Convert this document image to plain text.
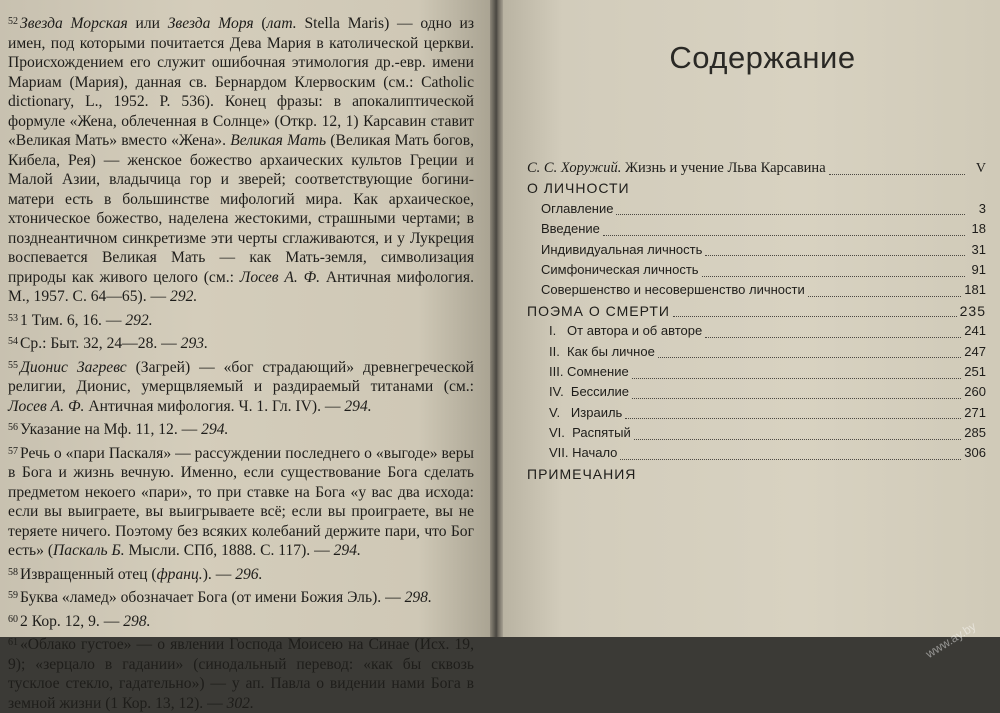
$^{52}$ Звезда Морская или Звезда Моря (лат. Stella Maris) — одно из имен, под которыми почитается Дева Мария в католической церкви. Происхождением его служит ошибочная этимология др.-евр. имени Мариам (Мария), данная св. Бернардом Клервоским (см.: Catholic dictionary, L., 1952. P. 536). Конец фразы: в апокалиптической формуле «Жена, облеченная в Солнце» (Откр. 12, 1) Карсавин ставит «Великая Мать» вместо «Жена». Великая Мать (Великая Мать богов, Кибела, Рея) — женское божество архаических культов Греции и Малой Азии, владычица гор и зверей; соответствующие богини-матери есть в большинстве мифологий мира. Как архаическое, хтоническое божество, наделена жестокими, страшными чертами; в позднеантичном синкретизме эти черты сглаживаются, и у Лукреция воспевается Великая Мать — как Мать-земля, символизация природы как живого целого (см.: Лосев А. Ф. Античная мифология. М., 1957. С. 64—65). — 292.

$^{53}$ 1 Тим. 6, 16. — 292.

$^{54}$ Ср.: Быт. 32, 24—28. — 293.

$^{55}$ Дионис Загревс (Загрей) — «бог страдающий» древнегреческой религии, Дионис, умерщвляемый и раздираемый титанами (см.: Лосев А. Ф. Античная мифология. Ч. 1. Гл. IV). — 294.

$^{56}$ Указание на Мф. 11, 12. — 294.

$^{57}$ Речь о «пари Паскаля» — рассуждении последнего о «выгоде» веры в Бога и жизнь вечную. Именно, если существование Бога сделать предметом некоего «пари», то при ставке на Бога «у вас два исхода: если вы выиграете, вы выигрываете всё; если вы проиграете, вы не теряете ничего. Поэтому без всяких колебаний держите пари, что Бог есть» (Паскаль Б. Мысли. СПб, 1888. С. 117). — 294.

$^{58}$ Извращенный отец (франц.). — 296.

$^{59}$ Буква «ламед» обозначает Бога (от имени Божия Эль). — 298.

$^{60}$ 2 Кор. 12, 9. — 298.

$^{61}$ «Облако густое» — о явлении Господа Моисею на Синае (Исх. 19, 9); «зерцало в гадании» (синодальный перевод: «как бы сквозь тусклое стекло, гадательно») — у ап. Павла о видении нами Бога в земной жизни (1 Кор. 13, 12). — 302.

Содержание
С. С. Хоружий. Жизнь и учение Льва Карсавина	V
О ЛИЧНОСТИ
Оглавление	3
Введение	18
Индивидуальная личность	31
Симфоническая личность	91
Совершенство и несовершенство личности	181
ПОЭМА О СМЕРТИ	235
I.   От автора и об авторе	241
II.  Как бы личное	247
III. Сомнение	251
IV.  Бессилие	260
V.   Израиль	271
VI.  Распятый	285
VII. Начало	306
ПРИМЕЧАНИЯ
www.ay.by
